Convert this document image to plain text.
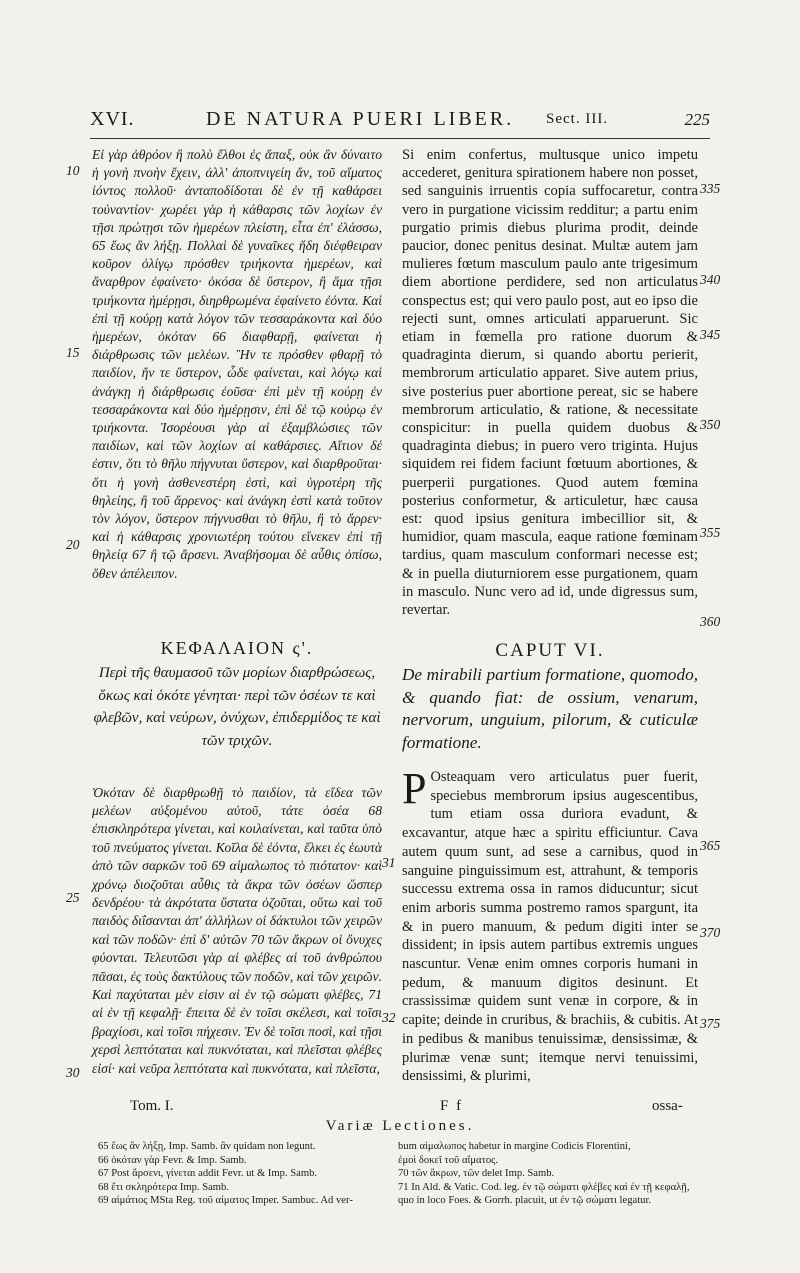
XVI.	DE NATURA PUERI LIBER. Sect. III.	225

Εἰ γὰρ ἀθρόον ἢ πολὺ ἔλθοι ἐς ἅπαξ, οὐκ ἂν δύναιτο ἡ γονὴ πνοὴν ἔχειν, ἀλλ' ἀποπνιγείη ἄν, τοῦ αἵματος ἰόντος πολλοῦ· ἀνταποδίδοται δὲ ἐν τῇ καθάρσει τοὐναντίον· χωρέει γὰρ ἡ κάθαρσις τῶν λοχίων ἐν τῇσι πρώτῃσι τῶν ἡμερέων πλείστη, εἶτα ἐπ' ἐλάσσω, 65 ἕως ἂν λήξῃ. Πολλαὶ δὲ γυναῖκες ἤδη διέφθειραν κοῦρον ὀλίγῳ πρόσθεν τριήκοντα ἡμερέων, καὶ ἄναρθρον ἐφαίνετο· ὁκόσα δὲ ὕστερον, ἢ ἅμα τῇσι τριήκοντα ἡμέρῃσι, διηρθρωμένα ἐφαίνετο ἐόντα. Καὶ ἐπὶ τῇ κούρῃ κατὰ λόγον τῶν τεσσαράκοντα καὶ δύο ἡμερέων, ὁκόταν 66 διαφθαρῇ, φαίνεται ἡ διάρθρωσις τῶν μελέων. Ἢν τε πρόσθεν φθαρῇ τὸ παιδίον, ἤν τε ὕστερον, ὧδε φαίνεται, καὶ λόγῳ καὶ ἀνάγκῃ ἡ διάρθρωσις ἐοῦσα· ἐπὶ μὲν τῇ κούρῃ ἐν τεσσαράκοντα καὶ δύο ἡμέρῃσιν, ἐπὶ δὲ τῷ κούρῳ ἐν τριήκοντα. Ἰσορέουσι γὰρ αἱ ἐξαμβλώσιες τῶν παιδίων, καὶ τῶν λοχίων αἱ καθάρσιες. Αἴτιον δέ ἐστιν, ὅτι τὸ θῆλυ πήγνυται ὕστερον, καὶ διαρθροῦται· ὅτι ἡ γονὴ ἀσθενεστέρη ἐστὶ, καὶ ὑγροτέρη τῆς θηλείης, ἢ τοῦ ἄρρενος· καὶ ἀνάγκη ἐστὶ κατὰ τοῦτον τὸν λόγον, ὕστερον πήγνυσθαι τὸ θῆλυ, ἢ τὸ ἄρρεν· καὶ ἡ κάθαρσις χρονιωτέρη τούτου εἵνεκεν ἐπὶ τῇ θηλείᾳ 67 ἢ τῷ ἄρσενι. Ἀναβήσομαι δὲ αὖθις ὀπίσω, ὅθεν ἀπέλειπον.

ΚΕΦΑΛΑΙΟΝ ς'.
Περὶ τῆς θαυμασοῦ τῶν μορίων διαρθρώσεως, ὅκως καὶ ὁκότε γένηται· περὶ τῶν ὀσέων τε καὶ φλεβῶν, καὶ νεύρων, ὀνύχων, ἐπιδερμίδος τε καὶ τῶν τριχῶν.

Ὀκόταν δὲ διαρθρωθῇ τὸ παιδίον, τὰ εἴδεα τῶν μελέων αὐξομένου αὐτοῦ, τάτε ὀσέα 68 ἐπισκληρότερα γίνεται, καὶ κοιλαίνεται, καὶ ταῦτα ὑπὸ τοῦ πνεύματος γίνεται. Κοῖλα δὲ ἐόντα, ἕλκει ἐς ἑωυτὰ ἀπὸ τῶν σαρκῶν τοῦ 69 αἱμαλωπος τὸ πιότατον· καὶ χρόνῳ διοζοῦται αὖθις τὰ ἄκρα τῶν ὀσέων ὥσπερ δενδρέου· τὰ ἀκρότατα ὕστατα ὀζοῦται, οὕτω καὶ τοῦ παιδὸς διΐσανται ἀπ' ἀλλήλων οἱ δάκτυλοι τῶν χειρῶν καὶ τῶν ποδῶν· ἐπὶ δ' αὐτῶν 70 τῶν ἄκρων οἱ ὄνυχες φύονται. Τελευτῶσι γὰρ αἱ φλέβες αἱ τοῦ ἀνθρώπου πᾶσαι, ἐς τοὺς δακτύλους τῶν ποδῶν, καὶ τῶν χειρῶν. Καὶ παχύταται μὲν εἰσιν αἱ ἐν τῷ σώματι φλέβες, 71 αἱ ἐν τῇ κεφαλῇ· ἔπειτα δὲ ἐν τοῖσι σκέλεσι, καὶ τοῖσι βραχίοσι, καὶ τοῖσι πήχεσιν. Ἐν δὲ τοῖσι ποσὶ, καὶ τῇσι χερσὶ λεπτόταται καὶ πυκνόταται, καὶ πλεῖσται φλέβες εἰσί· καὶ νεῦρα λεπτότατα καὶ πυκνότατα, καὶ πλεῖστα,

Si enim confertus, multusque unico impetu accederet, genitura spirationem habere non posset, sed sanguinis irruentis copia suffocaretur, contra vero in purgatione vicissim redditur; a partu enim purgatio primis diebus plurima prodit, deinde paucior, donec penitus desinat. Multæ autem jam mulieres fœtum masculum paulo ante trigesimum diem abortione perdidere, sed non articulatus conspectus est; qui vero paulo post, aut eo ipso die rejecti sunt, omnes articulati apparuerunt. Sic etiam in fœmella pro ratione duorum & quadraginta dierum, si quando abortu perierit, membrorum articulatio apparet. Sive autem prius, sive posterius puer abortione pereat, sic se habere membrorum articulatio, & ratione, & necessitate conspicitur: in puella quidem duobus & quadraginta diebus; in puero vero triginta. Hujus siquidem rei fidem faciunt fœtuum abortiones, & puerperii purgationes. Quod autem fœmina posterius conformetur, & articuletur, hæc causa est: quod ipsius genitura imbecillior sit, & humidior, quam mascula, eaque ratione fœminam tardius, quam masculum conformari necesse est; & in puella diuturniorem esse purgationem, quam in masculo. Nunc vero ad id, unde digressus sum, revertar.

CAPUT VI.
De mirabili partium formatione, quomodo, & quando fiat: de ossium, venarum, nervorum, unguium, pilorum, & cuticulæ formatione.
P Osteaquam vero articulatus puer fuerit, speciebus membrorum ipsius augescentibus, tum etiam ossa duriora evadunt, & excavantur, atque hæc a spiritu efficiuntur. Cava autem quum sunt, ad sese a carnibus, quod in sanguine pinguissimum est, attrahunt, & temporis successu extrema ossa in ramos diducuntur; sicut enim arboris summa postremo ramos spargunt, ita & in puero manuum, & pedum digiti inter se dissident; in ipsis autem partibus extremis ungues nascuntur. Venæ enim omnes corporis humani in pedum, & manuum digitos desinunt. Et crassissimæ quidem sunt venæ in corpore, & in capite; deinde in cruribus, & brachiis, & cubitis. At in pedibus & manibus tenuissimæ, densissimæ, & plurimæ venæ sunt; itemque nervi tenuissimi, densissimi, & plurimi,
10
15
20
25
30
31
32
335
340
345
350
355
360
365
370
375
Tom. I.	F f	ossa-
Variæ Lectiones.
65 ἕως ἂν λήξῃ, Imp. Samb. ἂν quidam non legunt.
66 ὁκόταν γὰρ Fevr. & Imp. Samb.
67 Post ἄρσενι, γίνεται addit Fevr. ut & Imp. Samb.
68 ἔτι σκληρότερα Imp. Samb.
69 αἱμάτιος MSta Reg. τοῦ αἱματος Imper. Sambuc. Ad ver-
bum αἱμαλωπος habetur in margine Codicis Florentini,
ἐμοὶ δοκεῖ τοῦ αἵματος.
70 τῶν ἄκρων, τῶν delet Imp. Samb.
71 In Ald. & Vatic. Cod. leg. ἐν τῷ σώματι φλέβες καὶ ἐν τῇ κεφαλῇ,
quo in loco Foes. & Gorrh. placuit, ut ἐν τῷ σώματι legatur.
